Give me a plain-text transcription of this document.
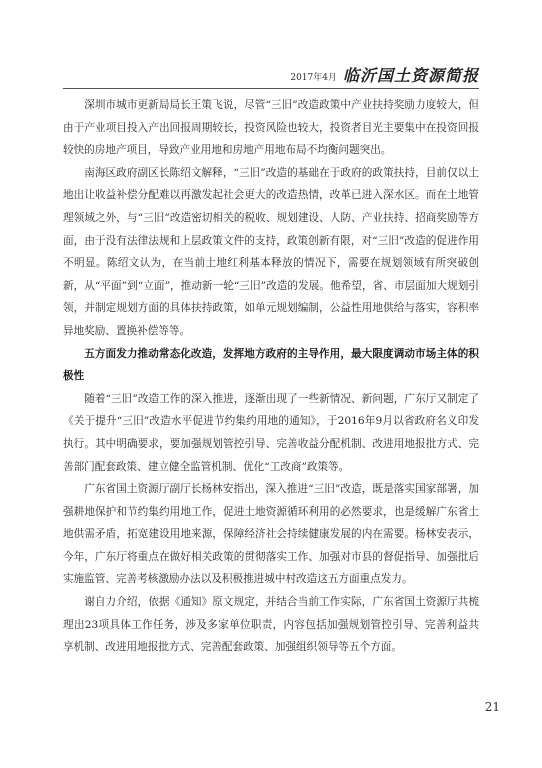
2017年4月 临沂国土资源简报

深圳市城市更新局局长王策飞说，尽管“三旧”改造政策中产业扶持奖励力度较大，但由于产业项目投入产出回报周期较长，投资风险也较大，投资者目光主要集中在投资回报较快的房地产项目，导致产业用地和房地产用地布局不均衡问题突出。

南海区政府副区长陈绍文解释，“三旧”改造的基础在于政府的政策扶持，目前仅以土地出让收益补偿分配难以再激发起社会更大的改造热情，改革已进入深水区。而在土地管理领域之外，与“三旧”改造密切相关的税收、规划建设、人防、产业扶持、招商奖励等方面，由于没有法律法规和上层政策文件的支持，政策创新有限，对“三旧”改造的促进作用不明显。陈绍文认为，在当前土地红利基本释放的情况下，需要在规划领域有所突破创新，从“平面”到“立面”，推动新一轮“三旧”改造的发展。他希望，省、市层面加大规划引领，并制定规划方面的具体扶持政策，如单元规划编制，公益性用地供给与落实，容积率异地奖励、置换补偿等等。

五方面发力推动常态化改造，发挥地方政府的主导作用，最大限度调动市场主体的积极性

随着“三旧”改造工作的深入推进，逐渐出现了一些新情况、新问题，广东厅又制定了《关于提升“三旧”改造水平促进节约集约用地的通知》，于2016年9月以省政府名义印发执行。其中明确要求，要加强规划管控引导、完善收益分配机制、改进用地报批方式、完善部门配套政策、建立健全监管机制、优化“工改商”政策等。

广东省国土资源厅副厅长杨林安指出，深入推进“三旧”改造，既是落实国家部署，加强耕地保护和节约集约用地工作，促进土地资源循环利用的必然要求，也是缓解广东省土地供需矛盾，拓宽建设用地来源，保障经济社会持续健康发展的内在需要。杨林安表示，今年，广东厅将重点在做好相关政策的贯彻落实工作、加强对市县的督促指导、加强批后实施监管、完善考核激励办法以及积极推进城中村改造这五方面重点发力。

谢自力介绍，依据《通知》原文规定，并结合当前工作实际，广东省国土资源厅共梳理出23项具体工作任务，涉及多家单位职责，内容包括加强规划管控引导、完善利益共享机制、改进用地报批方式、完善配套政策、加强组织领导等五个方面。

21
